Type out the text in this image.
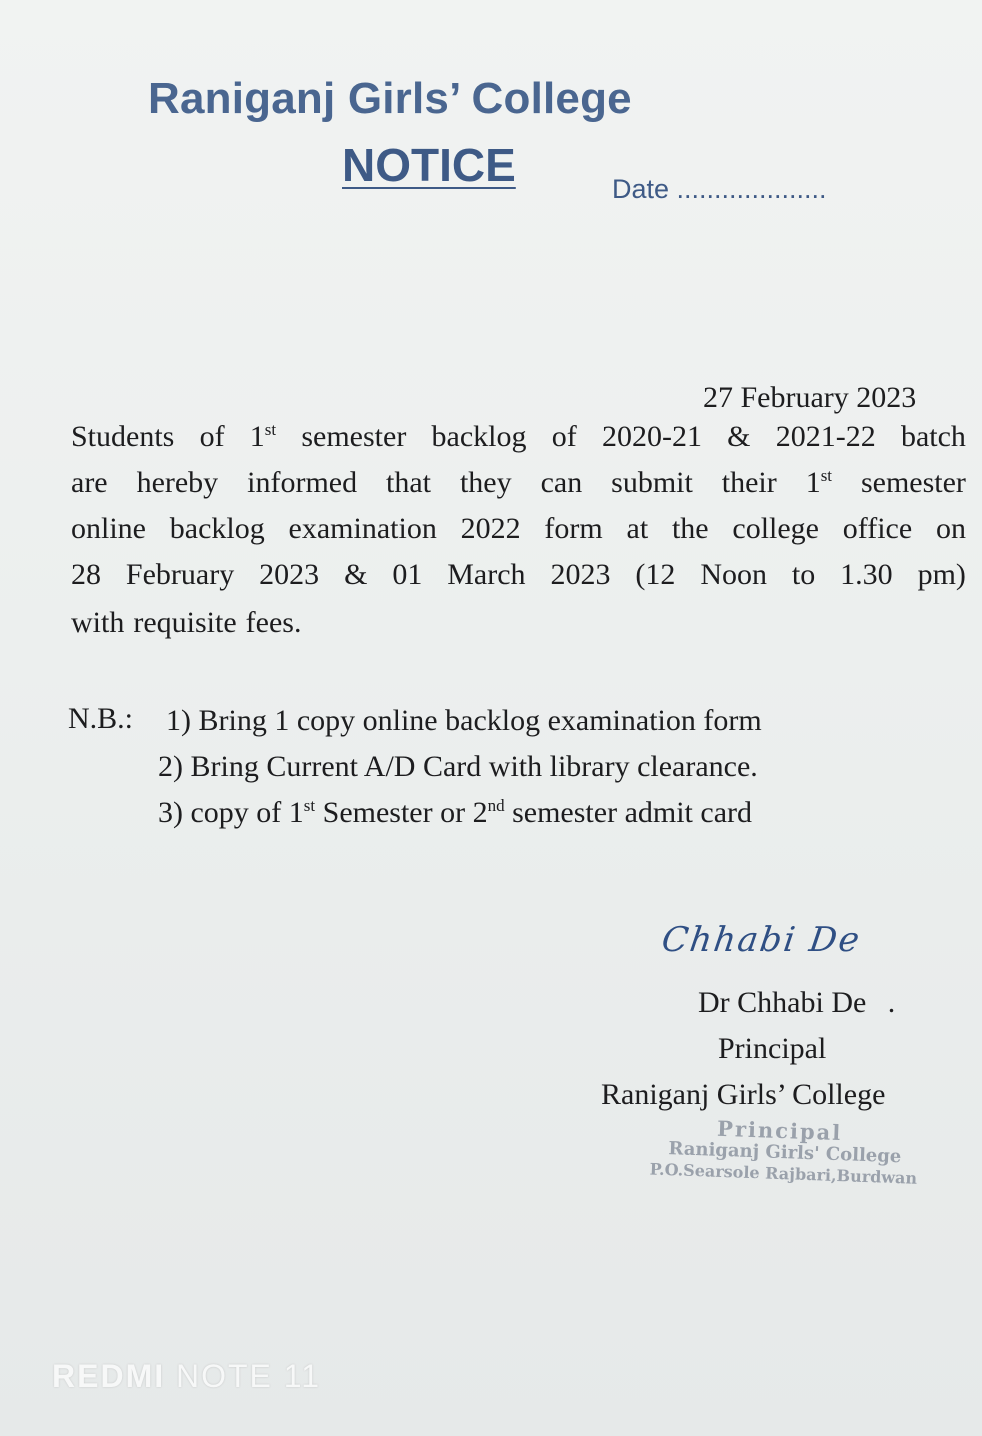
Raniganj Girls’ College
NOTICE	Date ....................
27 February 2023
Students of 1st semester backlog of 2020-21 & 2021-22 batch
are hereby informed that they can submit their 1st semester
online backlog examination 2022 form at the college office on
28 February 2023 & 01 March 2023 (12 Noon to 1.30 pm)
with requisite fees.
N.B.: 1) Bring 1 copy online backlog examination form
2) Bring Current A/D Card with library clearance.
3) copy of 1st Semester or 2nd semester admit card
Chhabi De
Dr Chhabi De .
Principal
Raniganj Girls’ College
Principal
Raniganj Girls' College
P.O.Searsole Rajbari,Burdwan
REDMI NOTE 11
